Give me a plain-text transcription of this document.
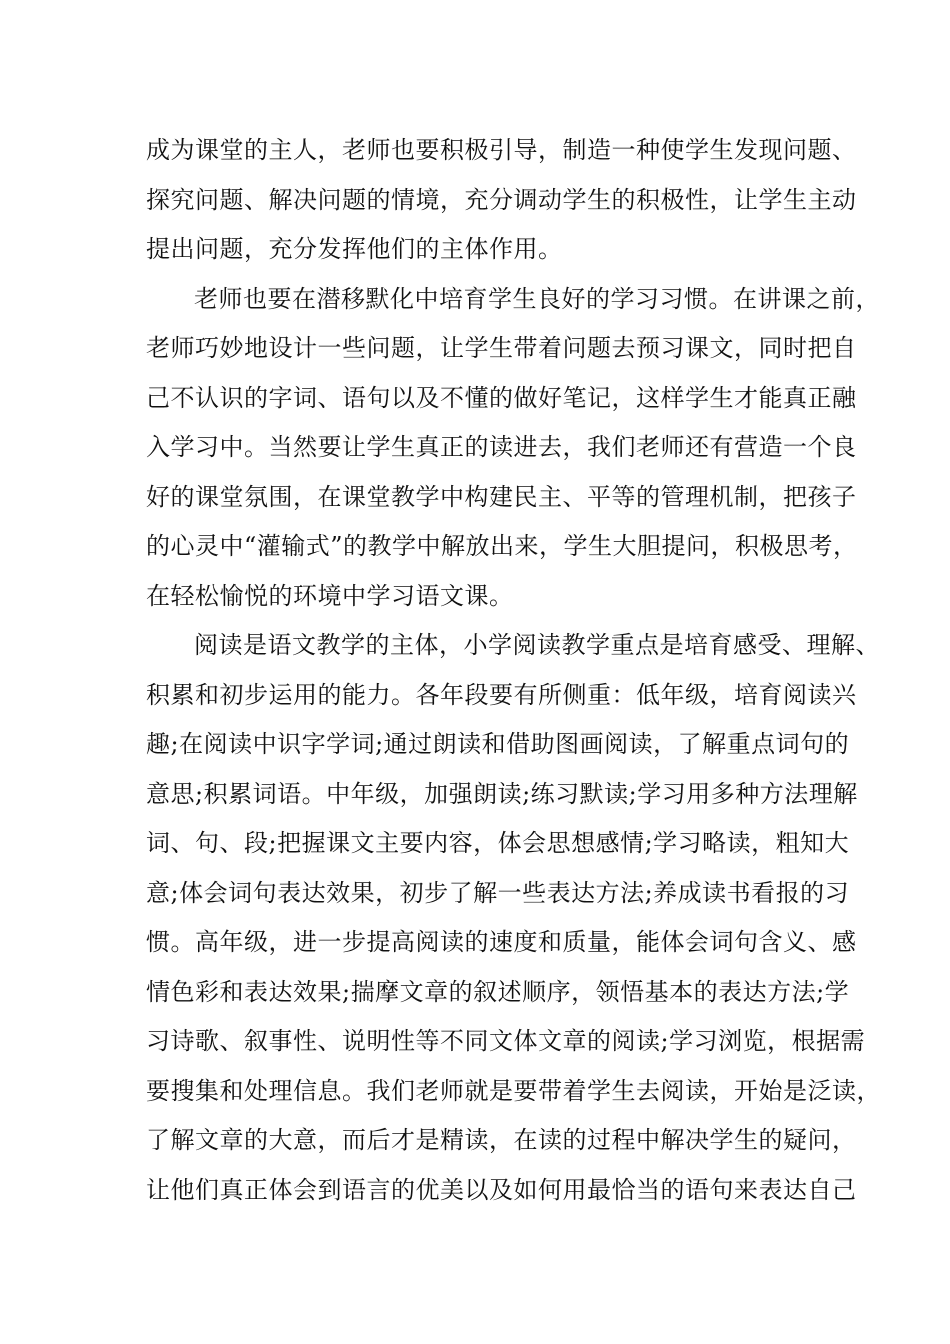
成为课堂的主人，老师也要积极引导，制造一种使学生发现问题、

探究问题、解决问题的情境，充分调动学生的积极性，让学生主动

提出问题，充分发挥他们的主体作用。

老师也要在潜移默化中培育学生良好的学习习惯。在讲课之前，

老师巧妙地设计一些问题，让学生带着问题去预习课文，同时把自

己不认识的字词、语句以及不懂的做好笔记，这样学生才能真正融

入学习中。当然要让学生真正的读进去，我们老师还有营造一个良

好的课堂氛围，在课堂教学中构建民主、平等的管理机制，把孩子

的心灵中“灌输式”的教学中解放出来，学生大胆提问，积极思考，

在轻松愉悦的环境中学习语文课。

阅读是语文教学的主体，小学阅读教学重点是培育感受、理解、

积累和初步运用的能力。各年段要有所侧重：低年级，培育阅读兴

趣;在阅读中识字学词;通过朗读和借助图画阅读，了解重点词句的

意思;积累词语。中年级，加强朗读;练习默读;学习用多种方法理解

词、句、段;把握课文主要内容，体会思想感情;学习略读，粗知大

意;体会词句表达效果，初步了解一些表达方法;养成读书看报的习

惯。高年级，进一步提高阅读的速度和质量，能体会词句含义、感

情色彩和表达效果;揣摩文章的叙述顺序，领悟基本的表达方法;学

习诗歌、叙事性、说明性等不同文体文章的阅读;学习浏览，根据需

要搜集和处理信息。我们老师就是要带着学生去阅读，开始是泛读，

了解文章的大意，而后才是精读，在读的过程中解决学生的疑问，

让他们真正体会到语言的优美以及如何用最恰当的语句来表达自己
